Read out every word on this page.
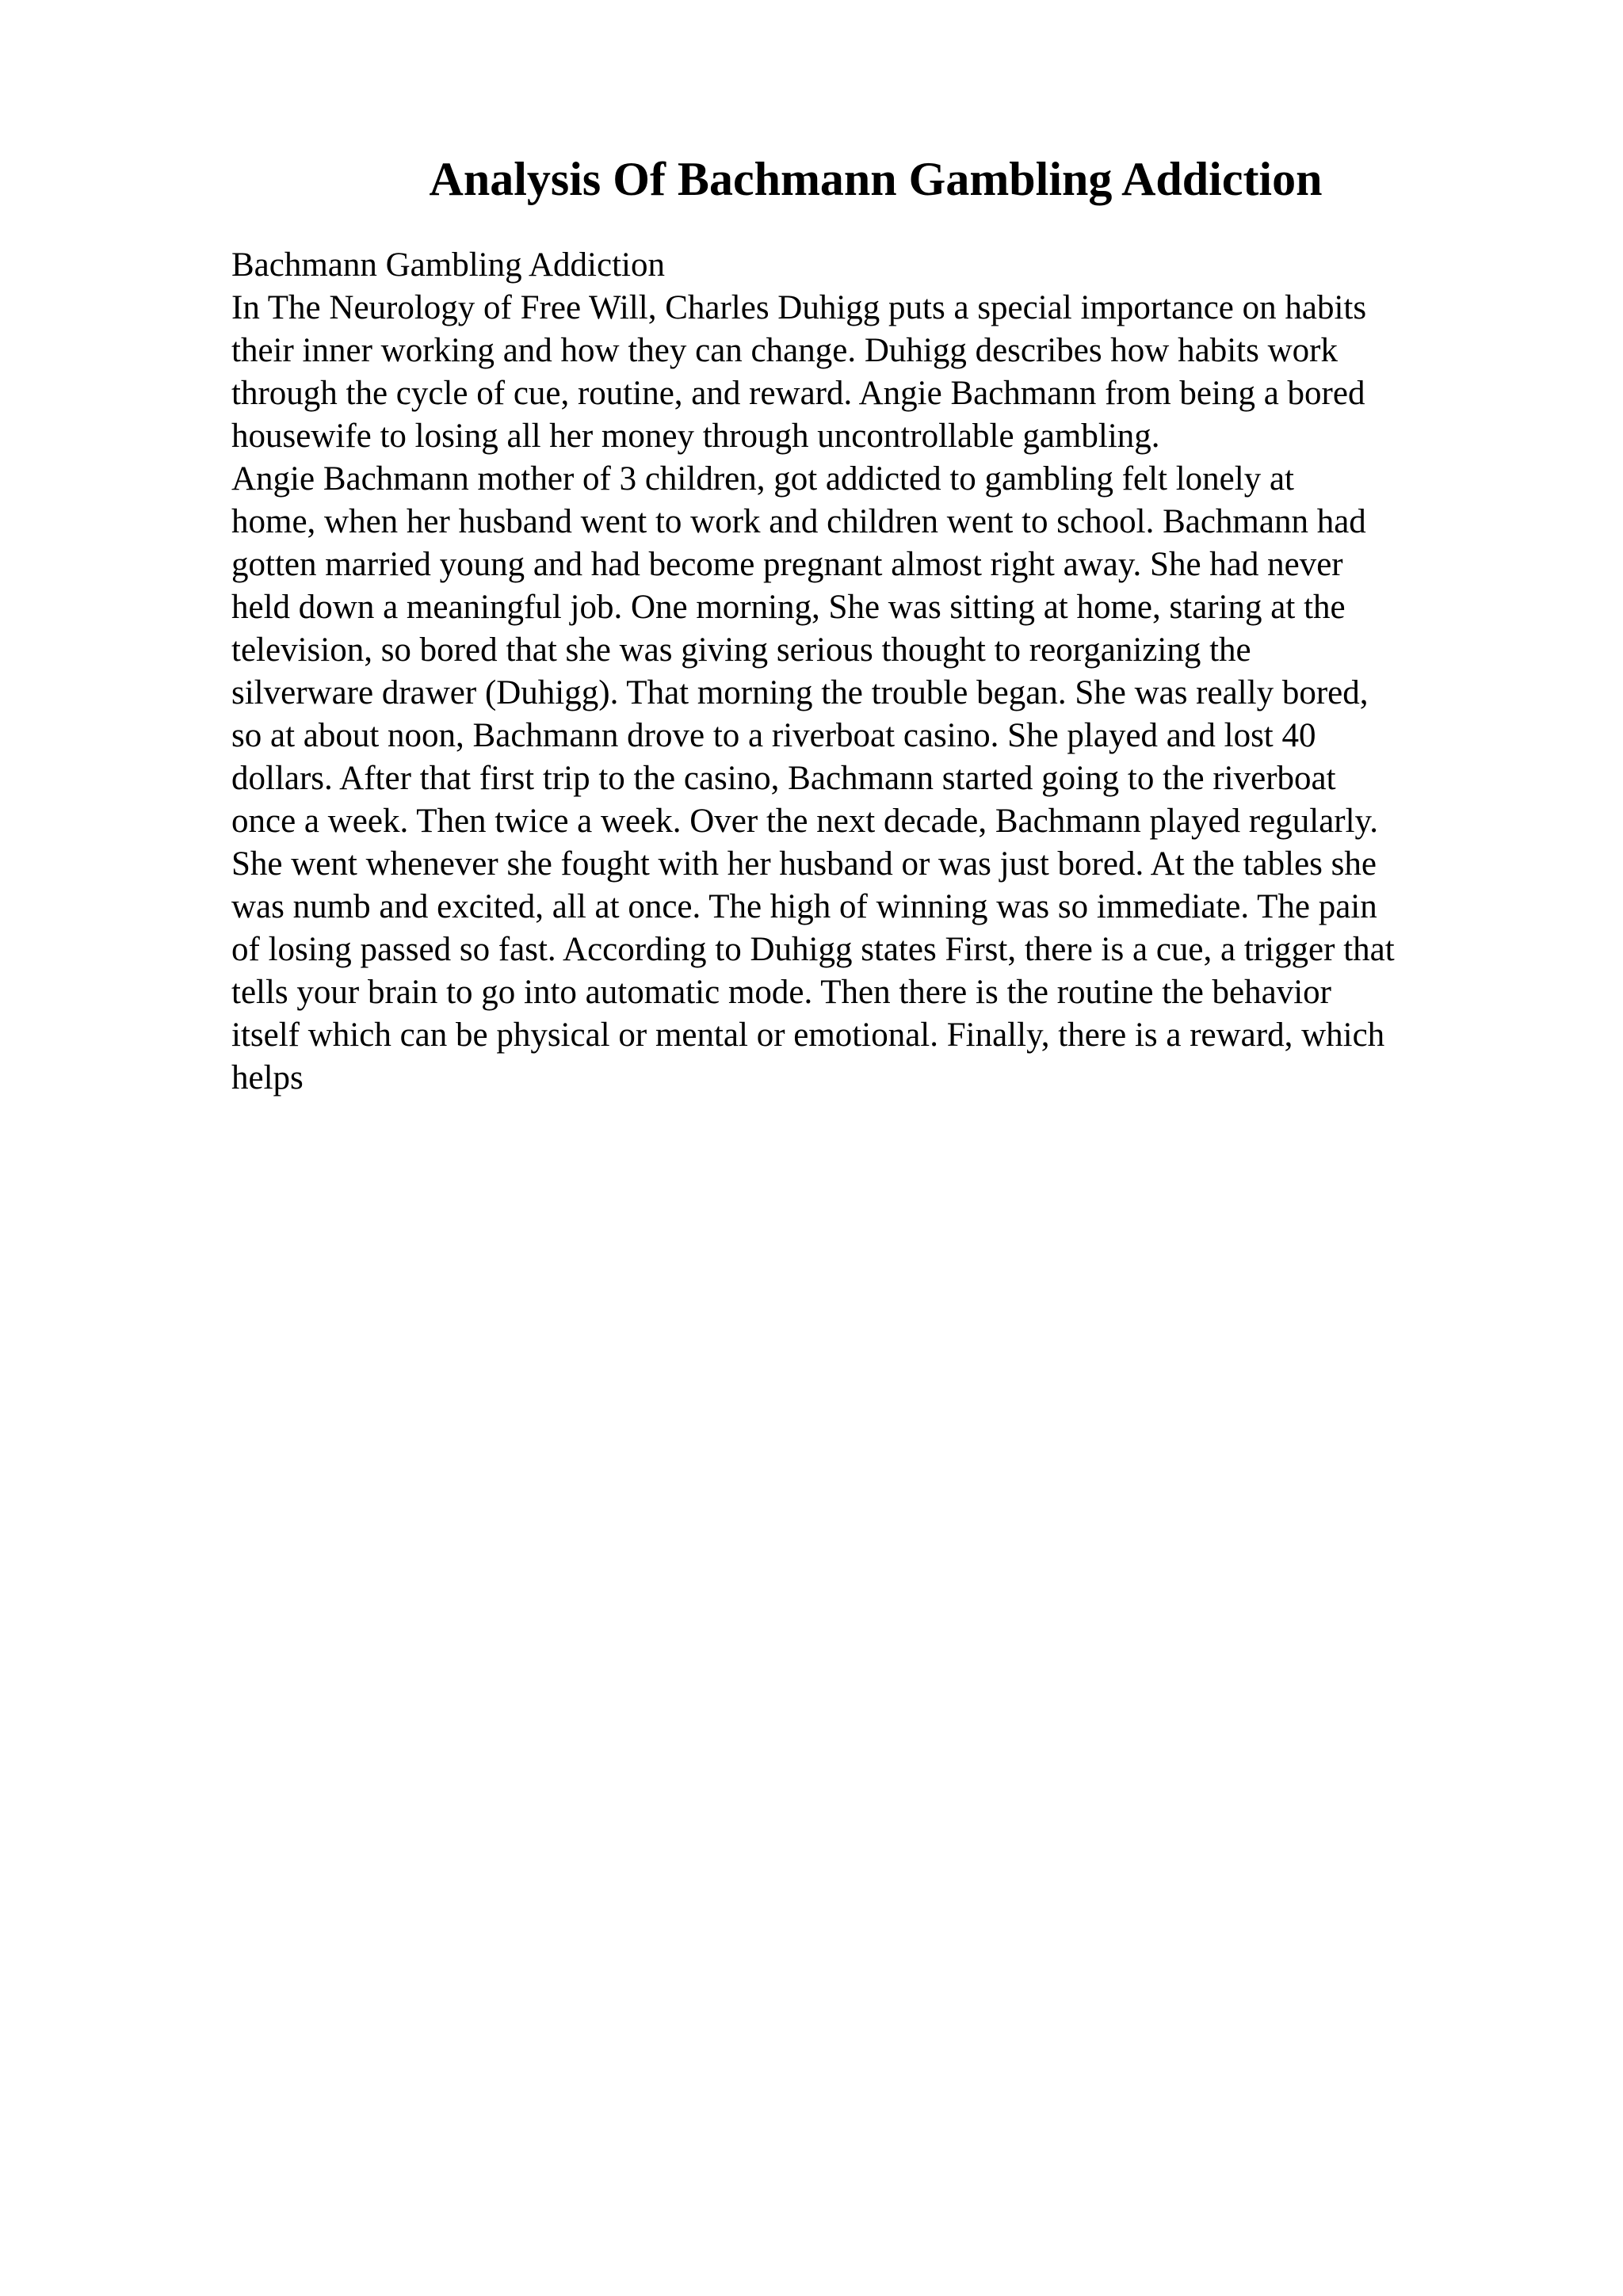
Analysis Of Bachmann Gambling Addiction

Bachmann Gambling Addiction

In The Neurology of Free Will, Charles Duhigg puts a special importance on habits
their inner working and how they can change. Duhigg describes how habits work
through the cycle of cue, routine, and reward. Angie Bachmann from being a bored
housewife to losing all her money through uncontrollable gambling.

Angie Bachmann mother of 3 children, got addicted to gambling felt lonely at
home, when her husband went to work and children went to school. Bachmann had
gotten married young and had become pregnant almost right away. She had never
held down a meaningful job. One morning, She was sitting at home, staring at the
television, so bored that she was giving serious thought to reorganizing the
silverware drawer (Duhigg). That morning the trouble began. She was really bored,
so at about noon, Bachmann drove to a riverboat casino. She played and lost 40
dollars. After that first trip to the casino, Bachmann started going to the riverboat
once a week. Then twice a week. Over the next decade, Bachmann played regularly.
She went whenever she fought with her husband or was just bored. At the tables she
was numb and excited, all at once. The high of winning was so immediate. The pain
of losing passed so fast. According to Duhigg states First, there is a cue, a trigger that
tells your brain to go into automatic mode. Then there is the routine the behavior
itself which can be physical or mental or emotional. Finally, there is a reward, which
helps
